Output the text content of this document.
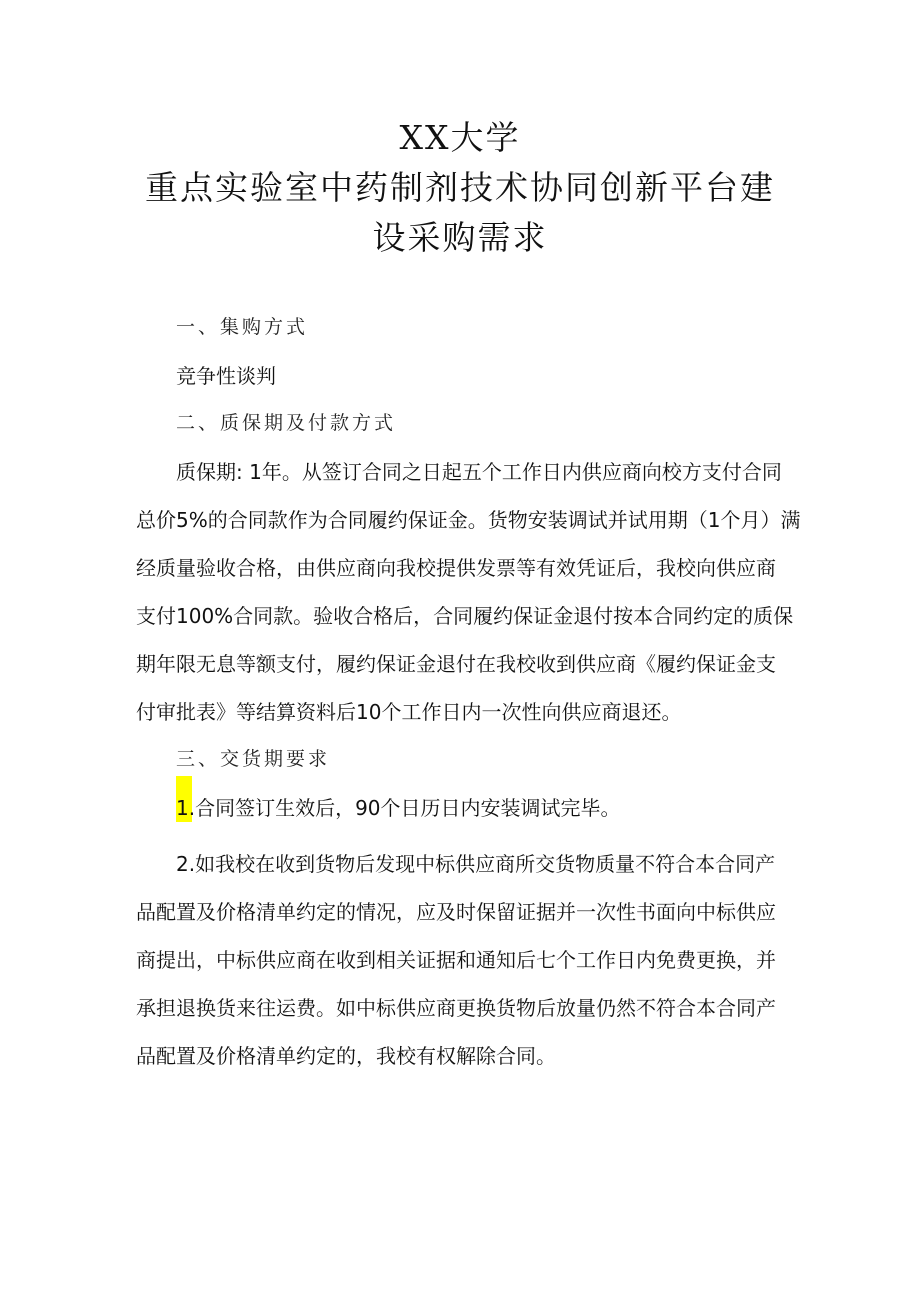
XX大学
重点实验室中药制剂技术协同创新平台建
设采购需求
一、集购方式
竞争性谈判
二、质保期及付款方式
质保期: 1年。从签订合同之日起五个工作日内供应商向校方支付合同
总价5%的合同款作为合同履约保证金。货物安装调试并试用期（1个月）满
经质量验收合格，由供应商向我校提供发票等有效凭证后，我校向供应商
支付100%合同款。验收合格后，合同履约保证金退付按本合同约定的质保
期年限无息等额支付，履约保证金退付在我校收到供应商《履约保证金支
付审批表》等结算资料后10个工作日内一次性向供应商退还。
三、交货期要求
1.合同签订生效后，90个日历日内安装调试完毕。
2.如我校在收到货物后发现中标供应商所交货物质量不符合本合同产
品配置及价格清单约定的情况，应及时保留证据并一次性书面向中标供应
商提出，中标供应商在收到相关证据和通知后七个工作日内免费更换，并
承担退换货来往运费。如中标供应商更换货物后放量仍然不符合本合同产
品配置及价格清单约定的，我校有权解除合同。
